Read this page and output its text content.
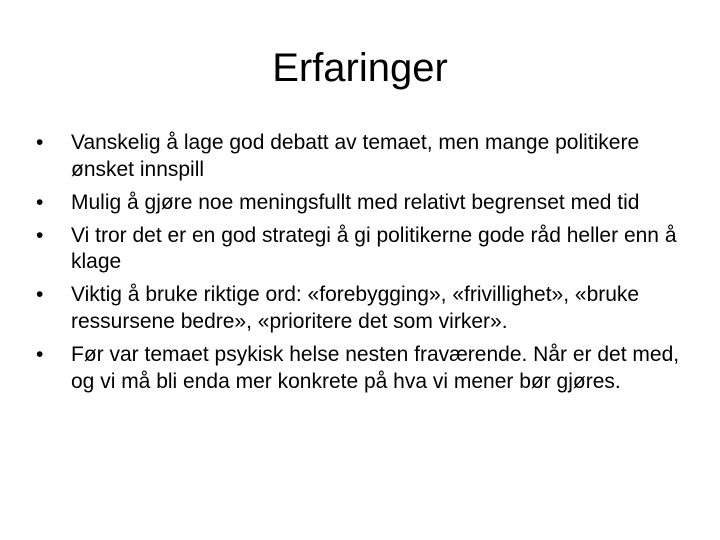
Erfaringer
•	Vanskelig å lage god debatt av temaet, men mange politikere ønsket innspill
•	Mulig å gjøre noe meningsfullt med relativt begrenset med tid
•	Vi tror det er en god strategi å gi politikerne gode råd heller enn å klage
•	Viktig å bruke riktige ord: «forebygging», «frivillighet», «bruke ressursene bedre», «prioritere det som virker».
•	Før var temaet psykisk helse nesten fraværende. Når er det med, og vi må bli enda mer konkrete på hva vi mener bør gjøres.
